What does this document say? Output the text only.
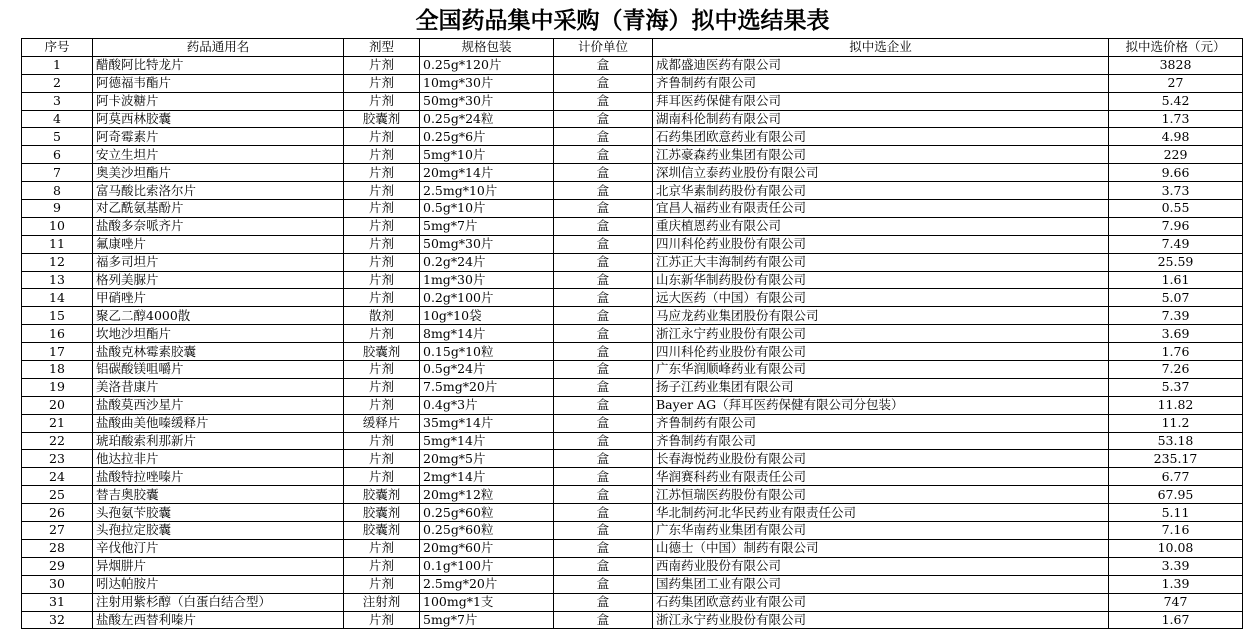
全国药品集中采购（青海）拟中选结果表
序号	药品通用名	剂型	规格包装	计价单位	拟中选企业	拟中选价格（元）
1	醋酸阿比特龙片	片剂	0.25g*120片	盒	成都盛迪医药有限公司	3828
2	阿德福韦酯片	片剂	10mg*30片	盒	齐鲁制药有限公司	27
3	阿卡波糖片	片剂	50mg*30片	盒	拜耳医药保健有限公司	5.42
4	阿莫西林胶囊	胶囊剂	0.25g*24粒	盒	湖南科伦制药有限公司	1.73
5	阿奇霉素片	片剂	0.25g*6片	盒	石药集团欧意药业有限公司	4.98
6	安立生坦片	片剂	5mg*10片	盒	江苏豪森药业集团有限公司	229
7	奥美沙坦酯片	片剂	20mg*14片	盒	深圳信立泰药业股份有限公司	9.66
8	富马酸比索洛尔片	片剂	2.5mg*10片	盒	北京华素制药股份有限公司	3.73
9	对乙酰氨基酚片	片剂	0.5g*10片	盒	宜昌人福药业有限责任公司	0.55
10	盐酸多奈哌齐片	片剂	5mg*7片	盒	重庆植恩药业有限公司	7.96
11	氟康唑片	片剂	50mg*30片	盒	四川科伦药业股份有限公司	7.49
12	福多司坦片	片剂	0.2g*24片	盒	江苏正大丰海制药有限公司	25.59
13	格列美脲片	片剂	1mg*30片	盒	山东新华制药股份有限公司	1.61
14	甲硝唑片	片剂	0.2g*100片	盒	远大医药（中国）有限公司	5.07
15	聚乙二醇4000散	散剂	10g*10袋	盒	马应龙药业集团股份有限公司	7.39
16	坎地沙坦酯片	片剂	8mg*14片	盒	浙江永宁药业股份有限公司	3.69
17	盐酸克林霉素胶囊	胶囊剂	0.15g*10粒	盒	四川科伦药业股份有限公司	1.76
18	铝碳酸镁咀嚼片	片剂	0.5g*24片	盒	广东华润顺峰药业有限公司	7.26
19	美洛昔康片	片剂	7.5mg*20片	盒	扬子江药业集团有限公司	5.37
20	盐酸莫西沙星片	片剂	0.4g*3片	盒	Bayer AG（拜耳医药保健有限公司分包装）	11.82
21	盐酸曲美他嗪缓释片	缓释片	35mg*14片	盒	齐鲁制药有限公司	11.2
22	琥珀酸索利那新片	片剂	5mg*14片	盒	齐鲁制药有限公司	53.18
23	他达拉非片	片剂	20mg*5片	盒	长春海悦药业股份有限公司	235.17
24	盐酸特拉唑嗪片	片剂	2mg*14片	盒	华润赛科药业有限责任公司	6.77
25	替吉奥胶囊	胶囊剂	20mg*12粒	盒	江苏恒瑞医药股份有限公司	67.95
26	头孢氨苄胶囊	胶囊剂	0.25g*60粒	盒	华北制药河北华民药业有限责任公司	5.11
27	头孢拉定胶囊	胶囊剂	0.25g*60粒	盒	广东华南药业集团有限公司	7.16
28	辛伐他汀片	片剂	20mg*60片	盒	山德士（中国）制药有限公司	10.08
29	异烟肼片	片剂	0.1g*100片	盒	西南药业股份有限公司	3.39
30	吲达帕胺片	片剂	2.5mg*20片	盒	国药集团工业有限公司	1.39
31	注射用紫杉醇（白蛋白结合型）	注射剂	100mg*1支	盒	石药集团欧意药业有限公司	747
32	盐酸左西替利嗪片	片剂	5mg*7片	盒	浙江永宁药业股份有限公司	1.67
